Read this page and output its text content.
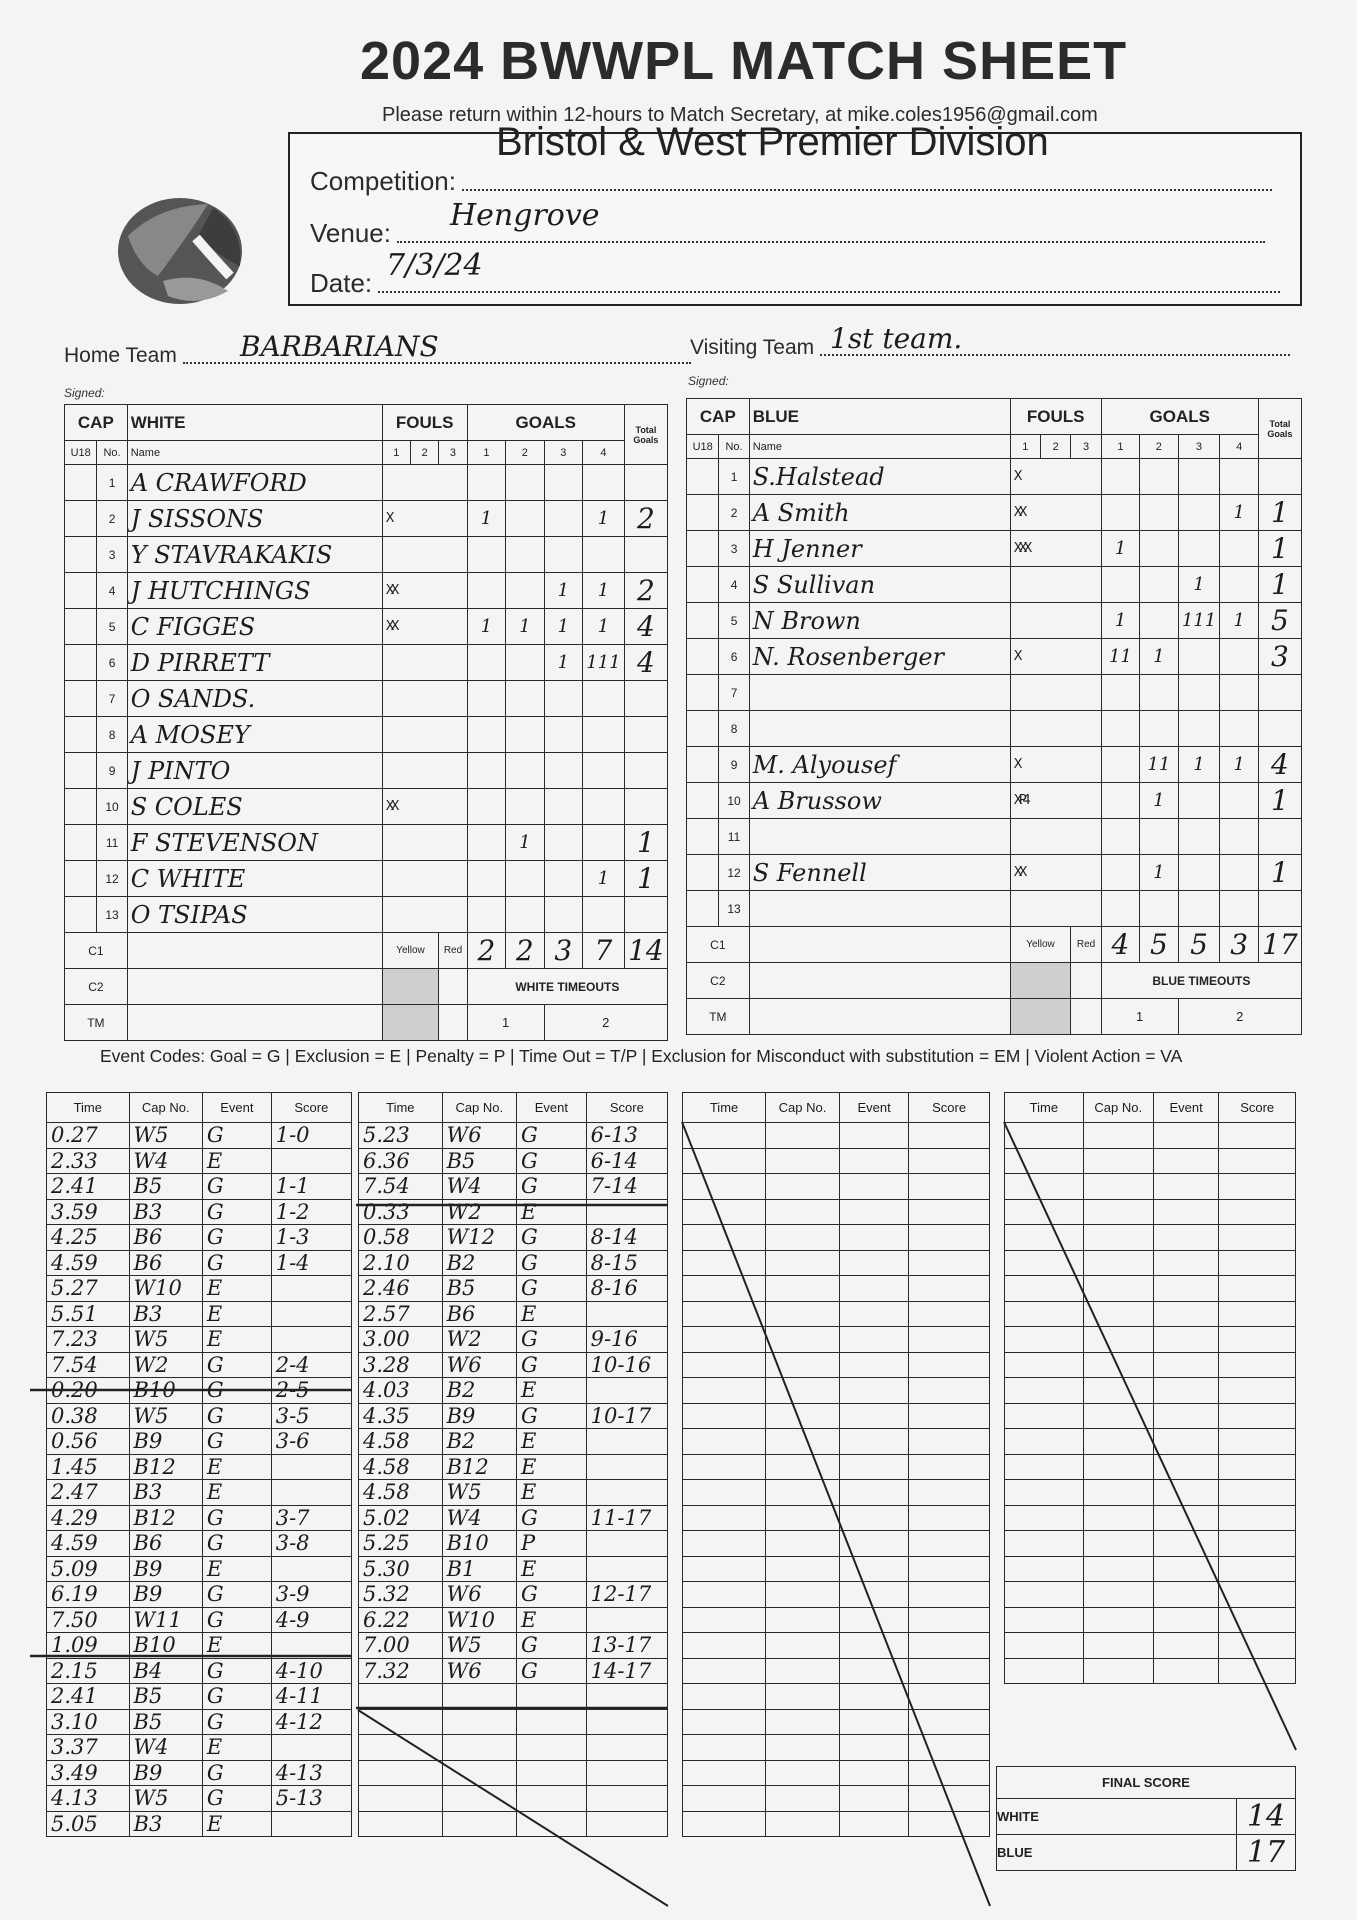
2024 BWWPL MATCH SHEET
Please return within 12-hours to Match Secretary, at mike.coles1956@gmail.com
Competition:
Bristol & West Premier Division
Venue: Hengrove
Date: 7/3/24
Home Team BARBARIANS
Signed:
Visiting Team 1st team.
Signed:
CAP		WHITE	FOULS			GOALS				Total Goals
U18	No.	Name	1	2	3	1	2	3	4	
	1	A CRAWFORD								
	2	J SISSONS	X			1			1	2
	3	Y STAVRAKAKIS								
	4	J HUTCHINGS	XX					1	1	2
	5	C FIGGES	XX			1	1	1	1	4
	6	D PIRRETT						1	111	4
	7	O SANDS.								
	8	A MOSEY								
	9	J PINTO								
	10	S COLES	XX							
	11	F STEVENSON					1			1
	12	C WHITE							1	1
	13	O TSIPAS								
C1			Yellow		Red	2	2	3	7	14
C2						WHITE TIMEOUTS				
TM						1		2		
CAP		BLUE	FOULS			GOALS				Total Goals
U18	No.	Name	1	2	3	1	2	3	4	
	1	S.Halstead	X							
	2	A Smith	XX						1	1
	3	H Jenner	XXX			1				1
	4	S Sullivan						1		1
	5	N Brown				1		111	1	5
	6	N. Rosenberger	X			11	1			3
	7									
	8									
	9	M. Alyousef	X				11	1	1	4
	10	A Brussow	X P4				1			1
	11									
	12	S Fennell	XX				1			1
	13									
C1			Yellow		Red	4	5	5	3	17
C2						BLUE TIMEOUTS				
TM						1		2		
Event Codes: Goal = G | Exclusion = E | Penalty = P | Time Out = T/P | Exclusion for Misconduct with substitution = EM | Violent Action = VA
Time	Cap No.	Event	Score
0.27	W5	G	1-0
2.33	W4	E	
2.41	B5	G	1-1
3.59	B3	G	1-2
4.25	B6	G	1-3
4.59	B6	G	1-4
5.27	W10	E	
5.51	B3	E	
7.23	W5	E	
7.54	W2	G	2-4
0.20	B10	G	2-5
0.38	W5	G	3-5
0.56	B9	G	3-6
1.45	B12	E	
2.47	B3	E	
4.29	B12	G	3-7
4.59	B6	G	3-8
5.09	B9	E	
6.19	B9	G	3-9
7.50	W11	G	4-9
1.09	B10	E	
2.15	B4	G	4-10
2.41	B5	G	4-11
3.10	B5	G	4-12
3.37	W4	E	
3.49	B9	G	4-13
4.13	W5	G	5-13
5.05	B3	E	
Time	Cap No.	Event	Score
5.23	W6	G	6-13
6.36	B5	G	6-14
7.54	W4	G	7-14
0.33	W2	E	
0.58	W12	G	8-14
2.10	B2	G	8-15
2.46	B5	G	8-16
2.57	B6	E	
3.00	W2	G	9-16
3.28	W6	G	10-16
4.03	B2	E	
4.35	B9	G	10-17
4.58	B2	E	
4.58	B12	E	
4.58	W5	E	
5.02	W4	G	11-17
5.25	B10	P	
5.30	B1	E	
5.32	W6	G	12-17
6.22	W10	E	
7.00	W5	G	13-17
7.32	W6	G	14-17

Time	Cap No.	Event	Score

				Time	Cap No.	Event	Score

FINAL SCORE	
WHITE	14
BLUE	17
